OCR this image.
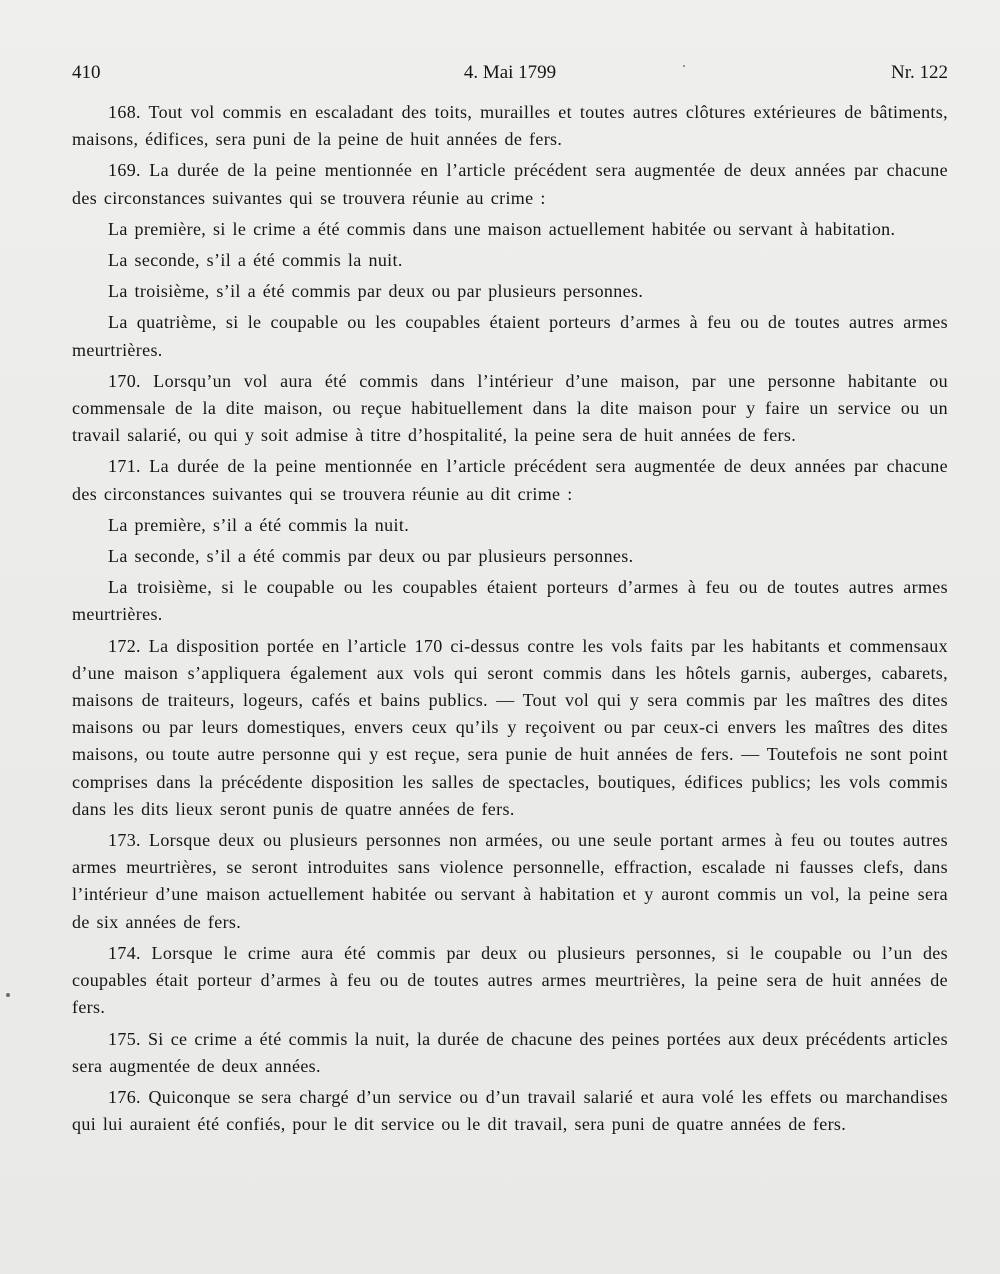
410	4. Mai 1799	Nr. 122

168. Tout vol commis en escaladant des toits, murailles et toutes autres clôtures extérieures de bâtiments, maisons, édifices, sera puni de la peine de huit années de fers.

169. La durée de la peine mentionnée en l’article précédent sera augmentée de deux années par chacune des circonstances suivantes qui se trouvera réunie au crime :

La première, si le crime a été commis dans une maison actuellement habitée ou servant à habitation.

La seconde, s’il a été commis la nuit.

La troisième, s’il a été commis par deux ou par plusieurs personnes.

La quatrième, si le coupable ou les coupables étaient porteurs d’armes à feu ou de toutes autres armes meurtrières.

170. Lorsqu’un vol aura été commis dans l’intérieur d’une maison, par une personne habitante ou commensale de la dite maison, ou reçue habituellement dans la dite maison pour y faire un service ou un travail salarié, ou qui y soit admise à titre d’hospitalité, la peine sera de huit années de fers.

171. La durée de la peine mentionnée en l’article précédent sera augmentée de deux années par chacune des circonstances suivantes qui se trouvera réunie au dit crime :

La première, s’il a été commis la nuit.

La seconde, s’il a été commis par deux ou par plusieurs personnes.

La troisième, si le coupable ou les coupables étaient porteurs d’armes à feu ou de toutes autres armes meurtrières.

172. La disposition portée en l’article 170 ci-dessus contre les vols faits par les habitants et commensaux d’une maison s’appliquera également aux vols qui seront commis dans les hôtels garnis, auberges, cabarets, maisons de traiteurs, logeurs, cafés et bains publics. — Tout vol qui y sera commis par les maîtres des dites maisons ou par leurs domestiques, envers ceux qu’ils y reçoivent ou par ceux-ci envers les maîtres des dites maisons, ou toute autre personne qui y est reçue, sera punie de huit années de fers. — Toutefois ne sont point comprises dans la précédente disposition les salles de spectacles, boutiques, édifices publics; les vols commis dans les dits lieux seront punis de quatre années de fers.

173. Lorsque deux ou plusieurs personnes non armées, ou une seule portant armes à feu ou toutes autres armes meurtrières, se seront introduites sans violence personnelle, effraction, escalade ni fausses clefs, dans l’intérieur d’une maison actuellement habitée ou servant à habitation et y auront commis un vol, la peine sera de six années de fers.

174. Lorsque le crime aura été commis par deux ou plusieurs personnes, si le coupable ou l’un des coupables était porteur d’armes à feu ou de toutes autres armes meurtrières, la peine sera de huit années de fers.

175. Si ce crime a été commis la nuit, la durée de chacune des peines portées aux deux précédents articles sera augmentée de deux années.

176. Quiconque se sera chargé d’un service ou d’un travail salarié et aura volé les effets ou marchandises qui lui auraient été confiés, pour le dit service ou le dit travail, sera puni de quatre années de fers.
